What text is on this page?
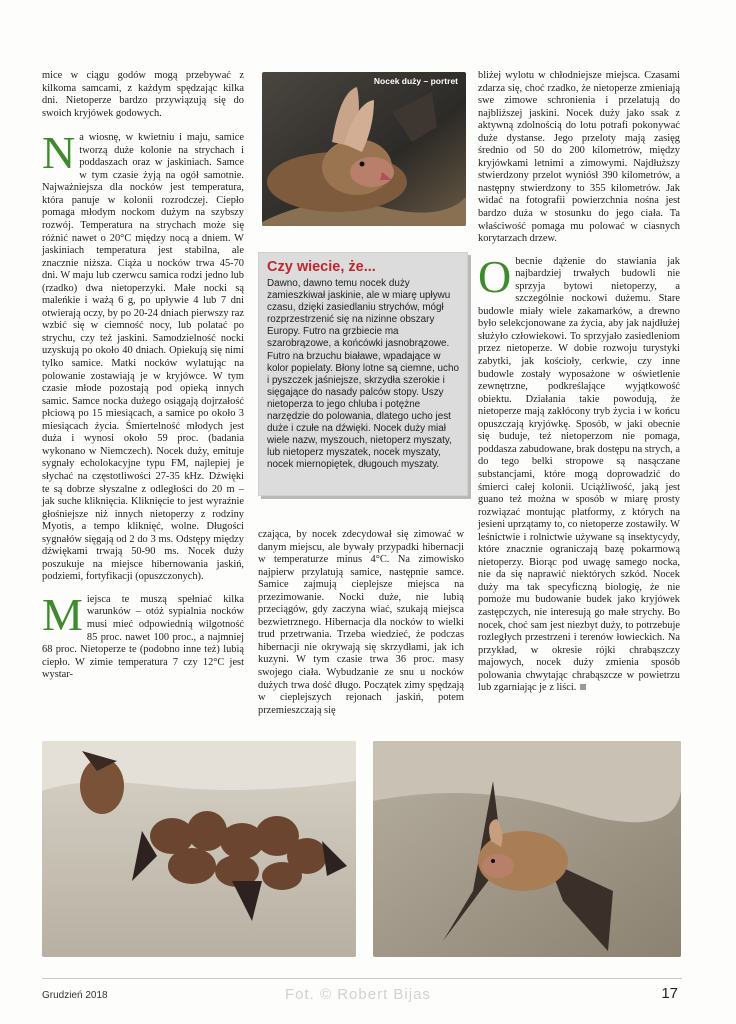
mice w ciągu godów mogą przebywać z kilkoma samcami, z każdym spędzając kilka dni. Nietoperze bardzo przywiązują się do swoich kryjówek godowych.

Na wiosnę, w kwietniu i maju, samice tworzą duże kolonie na strychach i poddaszach oraz w jaskiniach. Samce w tym czasie żyją na ogół samotnie. Najważniejsza dla nocków jest temperatura, która panuje w kolonii rozrodczej. Ciepło pomaga młodym nockom dużym na szybszy rozwój. Temperatura na strychach może się różnić nawet o 20°C między nocą a dniem. W jaskiniach temperatura jest stabilna, ale znacznie niższa. Ciąża u nocków trwa 45-70 dni. W maju lub czerwcu samica rodzi jedno lub (rzadko) dwa nietoperzyki. Małe nocki są maleńkie i ważą 6 g, po upływie 4 lub 7 dni otwierają oczy, by po 20-24 dniach pierwszy raz wzbić się w ciemność nocy, lub polatać po strychu, czy też jaskini. Samodzielność nocki uzyskują po około 40 dniach. Opiekują się nimi tylko samice. Matki nocków wylatując na polowanie zostawiają je w kryjówce. W tym czasie młode pozostają pod opieką innych samic. Samce nocka dużego osiągają dojrzałość płciową po 15 miesiącach, a samice po około 3 miesiącach życia. Śmiertelność młodych jest duża i wynosi około 59 proc. (badania wykonano w Niemczech). Nocek duży, emituje sygnały echolokacyjne typu FM, najlepiej je słychać na częstotliwości 27-35 kHz. Dźwięki te są dobrze słyszalne z odległości do 20 m – jak suche kliknięcia. Kliknięcie to jest wyraźnie głośniejsze niż innych nietoperzy z rodziny Myotis, a tempo kliknięć, wolne. Długości sygnałów sięgają od 2 do 3 ms. Odstępy między dźwiękami trwają 50-90 ms. Nocek duży poszukuje na miejsce hibernowania jaskiń, podziemi, fortyfikacji (opuszczonych).

Miejsca te muszą spełniać kilka warunków – otóż sypialnia nocków musi mieć odpowiednią wilgotność 85 proc. nawet 100 proc., a najmniej 68 proc. Nietoperze te (podobno inne też) lubią ciepło. W zimie temperatura 7 czy 12°C jest wystar-

Nocek duży – portret
Czy wiecie, że...

Dawno, dawno temu nocek duży zamieszkiwał jaskinie, ale w miarę upływu czasu, dzięki zasiedlaniu strychów, mógł rozprzestrzenić się na nizinne obszary Europy. Futro na grzbiecie ma szarobrązowe, a końcówki jasnobrązowe. Futro na brzuchu białawe, wpadające w kolor popielaty. Błony lotne są ciemne, ucho i pyszczek jaśniejsze, skrzydła szerokie i sięgające do nasady palców stopy. Uszy nietoperza to jego chluba i potężne narzędzie do polowania, dlatego ucho jest duże i czułe na dźwięki. Nocek duży miał wiele nazw, myszouch, nietoperz myszaty, lub nietoperz myszatek, nocek myszaty, nocek miernopiętek, długouch myszaty.

czająca, by nocek zdecydował się zimować w danym miejscu, ale bywały przypadki hibernacji w temperaturze minus 4°C. Na zimowisko najpierw przylatują samice, następnie samce. Samice zajmują cieplejsze miejsca na przezimowanie. Nocki duże, nie lubią przeciągów, gdy zaczyna wiać, szukają miejsca bezwietrznego. Hibernacja dla nocków to wielki trud przetrwania. Trzeba wiedzieć, że podczas hibernacji nie okrywają się skrzydłami, jak ich kuzyni. W tym czasie trwa 36 proc. masy swojego ciała. Wybudzanie ze snu u nocków dużych trwa dość długo. Początek zimy spędzają w cieplejszych rejonach jaskiń, potem przemieszczają się

bliżej wylotu w chłodniejsze miejsca. Czasami zdarza się, choć rzadko, że nietoperze zmieniają swe zimowe schronienia i przelatują do najbliższej jaskini. Nocek duży jako ssak z aktywną zdolnością do lotu potrafi pokonywać duże dystanse. Jego przeloty mają zasięg średnio od 50 do 200 kilometrów, między kryjówkami letnimi a zimowymi. Najdłuższy stwierdzony przelot wyniósł 390 kilometrów, a następny stwierdzony to 355 kilometrów. Jak widać na fotografii powierzchnia nośna jest bardzo duża w stosunku do jego ciała. Ta właściwość pomaga mu polować w ciasnych korytarzach drzew.

Obecnie dążenie do stawiania jak najbardziej trwałych budowli nie sprzyja bytowi nietoperzy, a szczególnie nockowi dużemu. Stare budowle miały wiele zakamarków, a drewno było selekcjonowane za życia, aby jak najdłużej służyło człowiekowi. To sprzyjało zasiedleniom przez nietoperze. W dobie rozwoju turystyki zabytki, jak kościoły, cerkwie, czy inne budowle zostały wyposażone w oświetlenie zewnętrzne, podkreślające wyjątkowość obiektu. Działania takie powodują, że nietoperze mają zakłócony tryb życia i w końcu opuszczają kryjówkę. Sposób, w jaki obecnie się buduje, też nietoperzom nie pomaga, poddasza zabudowane, brak dostępu na strych, a do tego belki stropowe są nasączane substancjami, które mogą doprowadzić do śmierci całej kolonii. Uciążliwość, jaką jest guano też można w sposób w miarę prosty rozwiązać montując platformy, z których na jesieni uprzątamy to, co nietoperze zostawiły. W leśnictwie i rolnictwie używane są insektycydy, które znacznie ograniczają bazę pokarmową nietoperzy. Biorąc pod uwagę samego nocka, nie da się naprawić niektórych szkód. Nocek duży ma tak specyficzną biologię, że nie pomoże mu budowanie budek jako kryjówek zastępczych, nie interesują go małe strychy. Bo nocek, choć sam jest niezbyt duży, to potrzebuje rozległych przestrzeni i terenów łowieckich. Na przykład, w okresie rójki chrabąszczy majowych, nocek duży zmienia sposób polowania chwytając chrabąszcze w powietrzu lub zgarniając je z liści.

Grudzień 2018	Fot. © Robert Bijas	17
